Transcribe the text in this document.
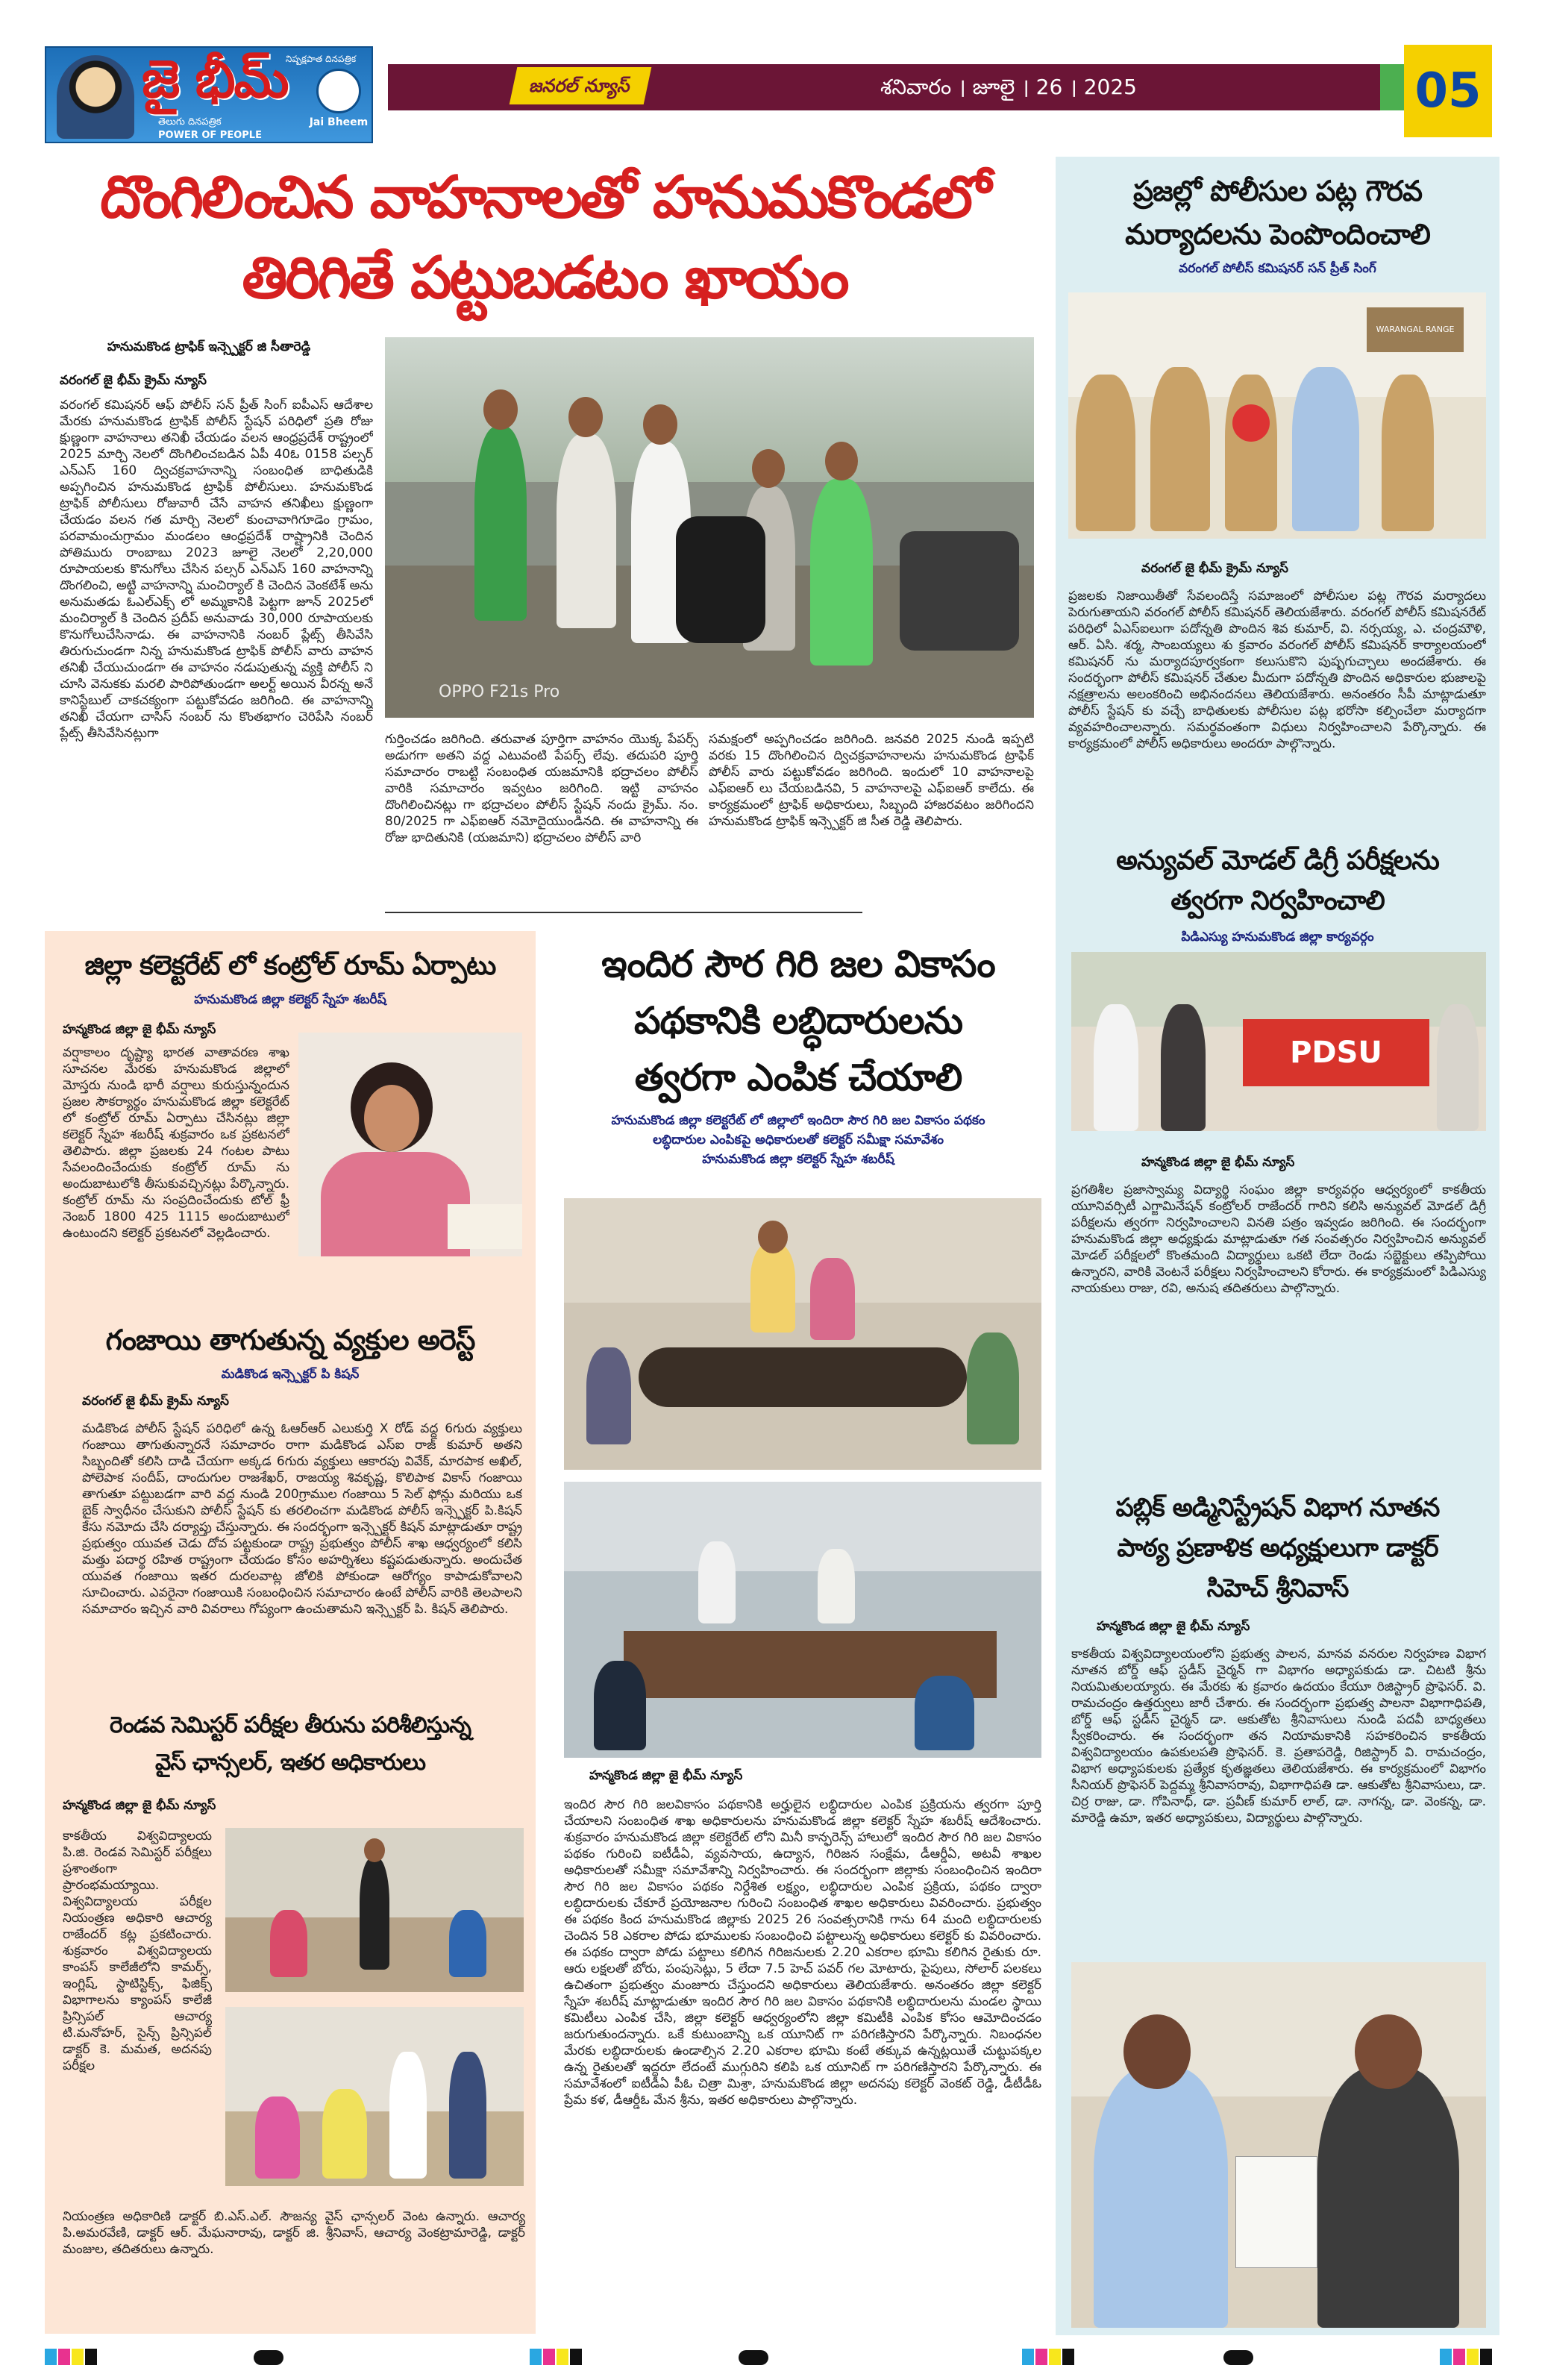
జై భీమ్
నిష్పక్షపాత దినపత్రిక
Jai Bheem
తెలుగు దినపత్రిక
POWER OF PEOPLE
జనరల్ న్యూస్	శనివారం । జూలై । 26 । 2025	05
దొంగిలించిన వాహనాలతో హనుమకొండలో
తిరిగితే పట్టుబడటం ఖాయం
హనుమకొండ ట్రాఫిక్ ఇన్స్పెక్టర్ జి సీతారెడ్డి
వరంగల్ జై భీమ్ క్రైమ్ న్యూస్
వరంగల్ కమిషనర్ ఆఫ్ పోలీస్ సన్ ప్రీత్ సింగ్ ఐపీఎస్ ఆదేశాల మేరకు హనుమకొండ ట్రాఫిక్ పోలీస్ స్టేషన్ పరిధిలో ప్రతి రోజు క్షుణ్ణంగా వాహనాలు తనిఖీ చేయడం వలన ఆంధ్రప్రదేశ్ రాష్ట్రంలో 2025 మార్చి నెలలో దొంగిలించబడిన ఏపీ 40ఓ 0158 పల్సర్ ఎన్ఎస్ 160 ద్విచక్రవాహనాన్ని సంబంధిత బాధితుడికి అప్పగించిన హనుమకొండ ట్రాఫిక్ పోలీసులు. హనుమకొండ ట్రాఫిక్ పోలీసులు రోజువారీ చేసే వాహన తనిఖీలు క్షుణ్ణంగా చేయడం వలన గత మార్చి నెలలో కుంచావాగిగూడెం గ్రామం, పరవామంచుగ్రామం మండలం ఆంధ్రప్రదేశ్ రాష్ట్రానికి చెందిన పోతిమురు రాంబాబు 2023 జూలై నెలలో 2,20,000 రూపాయలకు కొనుగోలు చేసిన పల్సర్ ఎన్ఎస్ 160 వాహనాన్ని దొంగలించి, అట్టి వాహనాన్ని మంచిర్యాల్ కి చెందిన వెంకటేశ్ అను అనుమతడు ఓఎల్ఎక్స్ లో అమ్మకానికి పెట్టగా జూన్ 2025లో మంచిర్యాల్ కి చెందిన ప్రదీప్ అనువాడు 30,000 రూపాయలకు కొనుగోలుచేసినాడు. ఈ వాహనానికి నంబర్ ప్లేట్స్ తీసివేసి తిరుగుచుండగా నిన్న హనుమకొండ ట్రాఫిక్ పోలీస్ వారు వాహన తనిఖీ చేయుచుండగా ఈ వాహనం నడుపుతున్న వ్యక్తి పోలీస్ ని చూసి వెనుకకు మరలి పారిపోతుండగా అలర్ట్ అయిన వీరన్న అనే కానిస్టేబుల్ చాకచక్యంగా పట్టుకోవడం జరిగింది. ఈ వాహనాన్ని తనిఖీ చేయగా చాసిస్ నంబర్ ను కొంతభాగం చెరిపేసి నంబర్ ప్లేట్స్ తీసివేసినట్లుగా
OPPO F21s Pro
గుర్తించడం జరిగింది. తరువాత పూర్తిగా వాహనం యొక్క పేపర్స్ అడుగగా అతని వద్ద ఎటువంటి పేపర్స్ లేవు. తదుపరి పూర్తి సమాచారం రాబట్టి సంబంధిత యజమానికి భద్రాచలం పోలీస్ వారికి సమాచారం ఇవ్వటం జరిగింది. ఇట్టి వాహనం దొంగిలించినట్లు గా భద్రాచలం పోలీస్ స్టేషన్ నందు క్రైమ్. నం. 80/2025 గా ఎఫ్ఐఆర్ నమోదైయుండినది. ఈ వాహనాన్ని ఈ రోజు భాదితునికి (యజమాని) భద్రాచలం పోలీస్ వారి
సమక్షంలో అప్పగించడం జరిగింది. జనవరి 2025 నుండి ఇప్పటి వరకు 15 దొంగిలించిన ద్విచక్రవాహనాలను హనుమకొండ ట్రాఫిక్ పోలీస్ వారు పట్టుకోవడం జరిగింది. ఇందులో 10 వాహనాలపై ఎఫ్ఐఆర్ లు చేయబడినవి, 5 వాహనాలపై ఎఫ్ఐఆర్ కాలేదు. ఈ కార్యక్రమంలో ట్రాఫిక్ అధికారులు, సిబ్బంది హాజరవటం జరిగిందని హనుమకొండ ట్రాఫిక్ ఇన్స్పెక్టర్ జి సీత రెడ్డి తెలిపారు.
జిల్లా కలెక్టరేట్ లో కంట్రోల్ రూమ్ ఏర్పాటు
హనుమకొండ జిల్లా కలెక్టర్ స్నేహ శబరీష్
హన్మకొండ జిల్లా జై భీమ్ న్యూస్
వర్షాకాలం దృష్ట్యా భారత వాతావరణ శాఖ సూచనల మేరకు హనుమకొండ జిల్లాలో మోస్తరు నుండి భారీ వర్షాలు కురుస్తున్నందున ప్రజల సౌకర్యార్థం హనుమకొండ జిల్లా కలెక్టరేట్ లో కంట్రోల్ రూమ్ ఏర్పాటు చేసినట్లు జిల్లా కలెక్టర్ స్నేహ శబరీష్ శుక్రవారం ఒక ప్రకటనలో తెలిపారు. జిల్లా ప్రజలకు 24 గంటల పాటు సేవలందించేందుకు కంట్రోల్ రూమ్ ను అందుబాటులోకి తీసుకువచ్చినట్లు పేర్కొన్నారు. కంట్రోల్ రూమ్ ను సంప్రదించేందుకు టోల్ ఫ్రీ నెంబర్ 1800 425 1115 అందుబాటులో ఉంటుందని కలెక్టర్ ప్రకటనలో వెల్లడించారు.
గంజాయి తాగుతున్న వ్యక్తుల అరెస్ట్
మడికొండ ఇన్స్పెక్టర్ పి కిషన్
వరంగల్ జై భీమ్ క్రైమ్ న్యూస్
మడికొండ పోలీస్ స్టేషన్ పరిధిలో ఉన్న ఓఆర్ఆర్ ఎలుకుర్తి X రోడ్ వద్ద 6గురు వ్యక్తులు గంజాయి తాగుతున్నారనే సమాచారం రాగా మడికొండ ఎస్ఐ రాజ్ కుమార్ అతని సిబ్బందితో కలిసి దాడి చేయగా అక్కడ 6గురు వ్యక్తులు ఆకారపు వివేక్, మారపాక అఖిల్, పోలెపాక సందీప్, దాందుగుల రాజశేఖర్, రాజయ్య శివకృష్ణ, కొలిపాక వికాస్ గంజాయి తాగుతూ పట్టుబడగా వారి వద్ద నుండి 200గ్రాముల గంజాయి 5 సెల్ ఫోన్లు మరియు ఒక బైక్ స్వాధీనం చేసుకుని పోలీస్ స్టేషన్ కు తరలించగా మడికొండ పోలీస్ ఇన్స్పెక్టర్ పి.కిషన్ కేసు నమోదు చేసి దర్యాప్తు చేస్తున్నారు. ఈ సందర్భంగా ఇన్స్పెక్టర్ కిషన్ మాట్లాడుతూ రాష్ట్ర ప్రభుత్వం యువత చెడు దోవ పట్టకుండా రాష్ట్ర ప్రభుత్వం పోలీస్ శాఖ ఆధ్వర్యంలో కలిసి మత్తు పదార్థ రహిత రాష్ట్రంగా చేయడం కోసం అహర్నిశలు కష్టపడుతున్నారు. అందుచేత యువత గంజాయి ఇతర దురలవాట్ల జోలికి పోకుండా ఆరోగ్యం కాపాడుకోవాలని సూచించారు. ఎవరైనా గంజాయికి సంబంధించిన సమాచారం ఉంటే పోలీస్ వారికి తెలపాలని సమాచారం ఇచ్చిన వారి వివరాలు గోప్యంగా ఉంచుతామని ఇన్స్పెక్టర్ పి. కిషన్ తెలిపారు.
రెండవ సెమిస్టర్ పరీక్షల తీరును పరిశీలిస్తున్న
వైస్ ఛాన్సలర్, ఇతర అధికారులు
హన్మకొండ జిల్లా జై భీమ్ న్యూస్
కాకతీయ విశ్వవిద్యాలయ పి.జి. రెండవ సెమిస్టర్ పరీక్షలు ప్రశాంతంగా ప్రారంభమయ్యాయి. విశ్వవిద్యాలయ పరీక్షల నియంత్రణ అధికారి ఆచార్య రాజేందర్ కట్ల ప్రకటించారు. శుక్రవారం విశ్వవిద్యాలయ కాంపస్ కాలేజీలోని కామర్స్, ఇంగ్లిష్, స్టాటిస్టిక్స్, ఫిజిక్స్ విభాగాలను క్యాంపస్ కాలేజీ ప్రిన్సిపల్ ఆచార్య టి.మనోహర్, సైన్స్ ప్రిన్సిపల్ డాక్టర్ కె. మమత, అదనపు పరీక్షల
నియంత్రణ అధికారిణి డాక్టర్ బి.ఎస్.ఎల్. సౌజన్య వైస్ ఛాన్సలర్ వెంట ఉన్నారు. ఆచార్య పి.అమరవేణి, డాక్టర్ ఆర్. మేఘనారావు, డాక్టర్ జి. శ్రీనివాస్, ఆచార్య వెంకట్రామారెడ్డి, డాక్టర్ మంజుల, తదితరులు ఉన్నారు.
ఇందిర సౌర గిరి జల వికాసం
పథకానికి లబ్ధిదారులను
త్వరగా ఎంపిక చేయాలి
హనుమకొండ జిల్లా కలెక్టరేట్ లో జిల్లాలో ఇందిరా సౌర గిరి జల వికాసం పథకం
లబ్ధిదారుల ఎంపికపై అధికారులతో కలెక్టర్ సమీక్షా సమావేశం
హనుమకొండ జిల్లా కలెక్టర్ స్నేహ శబరీష్
హన్మకొండ జిల్లా జై భీమ్ న్యూస్
ఇందిర సౌర గిరి జలవికాసం పథకానికి అర్హులైన లబ్ధిదారుల ఎంపిక ప్రక్రియను త్వరగా పూర్తి చేయాలని సంబంధిత శాఖ అధికారులను హనుమకొండ జిల్లా కలెక్టర్ స్నేహ శబరీష్ ఆదేశించారు. శుక్రవారం హనుమకొండ జిల్లా కలెక్టరేట్ లోని మినీ కాన్ఫరెన్స్ హాలులో ఇందిర సౌర గిరి జల వికాసం పథకం గురించి ఐటీడీఏ, వ్యవసాయ, ఉద్యాన, గిరిజన సంక్షేమ, డీఆర్డీఏ, అటవీ శాఖల అధికారులతో సమీక్షా సమావేశాన్ని నిర్వహించారు. ఈ సందర్భంగా జిల్లాకు సంబంధించిన ఇందిరా సౌర గిరి జల వికాసం పథకం నిర్దేశిత లక్ష్యం, లబ్ధిదారుల ఎంపిక ప్రక్రియ, పథకం ద్వారా లబ్ధిదారులకు చేకూరే ప్రయోజనాల గురించి సంబంధిత శాఖల అధికారులు వివరించారు. ప్రభుత్వం ఈ పథకం కింద హనుమకొండ జిల్లాకు 2025 26 సంవత్సరానికి గాను 64 మంది లబ్ధిదారులకు చెందిన 58 ఎకరాల పోడు భూములకు సంబంధించి పట్టాలున్న అధికారులు కలెక్టర్ కు వివరించారు. ఈ పథకం ద్వారా పోడు పట్టాలు కలిగిన గిరిజనులకు 2.20 ఎకరాల భూమి కలిగిన రైతుకు రూ. ఆరు లక్షలతో బోరు, పంపుసెట్లు, 5 లేదా 7.5 హెచ్ పవర్ గల మోటారు, పైపులు, సోలార్ పలకలు ఉచితంగా ప్రభుత్వం మంజూరు చేస్తుందని అధికారులు తెలియజేశారు. అనంతరం జిల్లా కలెక్టర్ స్నేహ శబరీష్ మాట్లాడుతూ ఇందిర సౌర గిరి జల వికాసం పథకానికి లబ్ధిదారులను మండల స్థాయి కమిటీలు ఎంపిక చేసి, జిల్లా కలెక్టర్ ఆధ్వర్యంలోని జిల్లా కమిటీకి ఎంపిక కోసం ఆమోదించడం జరుగుతుందన్నారు. ఒకే కుటుంబాన్ని ఒక యూనిట్ గా పరిగణిస్తారని పేర్కొన్నారు. నిబంధనల మేరకు లబ్ధిదారులకు ఉండాల్సిన 2.20 ఎకరాల భూమి కంటే తక్కువ ఉన్నట్లయితే చుట్టుపక్కల ఉన్న రైతులతో ఇద్దరూ లేదంటే ముగ్గురిని కలిపి ఒక యూనిట్ గా పరిగణిస్తారని పేర్కొన్నారు. ఈ సమావేశంలో ఐటీడీఏ పీఓ చిత్రా మిశ్రా, హనుమకొండ జిల్లా అదనపు కలెక్టర్ వెంకట్ రెడ్డి, డీటీడీఓ ప్రేమ కళ, డీఆర్డీఓ మేన శ్రీను, ఇతర అధికారులు పాల్గొన్నారు.
ప్రజల్లో పోలీసుల పట్ల గౌరవ
మర్యాదలను పెంపొందించాలి
వరంగల్ పోలీస్ కమిషనర్ సన్ ప్రీత్ సింగ్
WARANGAL RANGE
వరంగల్ జై భీమ్ క్రైమ్ న్యూస్
ప్రజలకు నిజాయితీతో సేవలందిస్తే సమాజంలో పోలీసుల పట్ల గౌరవ మర్యాదలు పెరుగుతాయని వరంగల్ పోలీస్ కమిషనర్ తెలియజేశారు. వరంగల్ పోలీస్ కమిషనరేట్ పరిధిలో ఏఎస్ఐలుగా పదోన్నతి పొందిన శివ కుమార్, వి. నర్సయ్య, ఎ. చంద్రమౌళి, ఆర్. ఏసి. శర్మ, సాంబయ్యలు శు క్రవారం వరంగల్ పోలీస్ కమిషనర్ కార్యాలయంలో కమిషనర్ ను మర్యాదపూర్వకంగా కలుసుకొని పుష్పగుచ్చాలు అందజేశారు. ఈ సందర్భంగా పోలీస్ కమిషనర్ చేతుల మీదుగా పదోన్నతి పొందిన అధికారుల భుజాలపై నక్షత్రాలను అలంకరించి అభినందనలు తెలియజేశారు. అనంతరం సీపీ మాట్లాడుతూ పోలీస్ స్టేషన్ కు వచ్చే బాధితులకు పోలీసుల పట్ల భరోసా కల్పించేలా మర్యాదగా వ్యవహరించాలన్నారు. సమర్థవంతంగా విధులు నిర్వహించాలని పేర్కొన్నారు. ఈ కార్యక్రమంలో పోలీస్ అధికారులు అందరూ పాల్గొన్నారు.
అన్యువల్ మోడల్ డిగ్రీ పరీక్షలను
త్వరగా నిర్వహించాలి
పిడిఎస్యు హనుమకొండ జిల్లా కార్యవర్గం
PDSU
హన్మకొండ జిల్లా జై భీమ్ న్యూస్
ప్రగతిశీల ప్రజాస్వామ్య విద్యార్థి సంఘం జిల్లా కార్యవర్గం ఆధ్వర్యంలో కాకతీయ యూనివర్సిటీ ఎగ్జామినేషన్ కంట్రోలర్ రాజేందర్ గారిని కలిసి అన్యువల్ మోడల్ డిగ్రీ పరీక్షలను త్వరగా నిర్వహించాలని వినతి పత్రం ఇవ్వడం జరిగింది. ఈ సందర్భంగా హనుమకొండ జిల్లా అధ్యక్షుడు మాట్లాడుతూ గత సంవత్సరం నిర్వహించిన అన్యువల్ మోడల్ పరీక్షలలో కొంతమంది విద్యార్థులు ఒకటి లేదా రెండు సబ్జెక్టులు తప్పిపోయి ఉన్నారని, వారికి వెంటనే పరీక్షలు నిర్వహించాలని కోరారు. ఈ కార్యక్రమంలో పిడిఎస్యు నాయకులు రాజు, రవి, అనుష తదితరులు పాల్గొన్నారు.
పబ్లిక్ అడ్మినిస్ట్రేషన్ విభాగ నూతన
పాఠ్య ప్రణాళిక అధ్యక్షులుగా డాక్టర్
సిహెచ్ శ్రీనివాస్
హన్మకొండ జిల్లా జై భీమ్ న్యూస్
కాకతీయ విశ్వవిద్యాలయంలోని ప్రభుత్వ పాలన, మానవ వనరుల నిర్వహణ విభాగ నూతన బోర్డ్ ఆఫ్ స్టడీస్ చైర్మన్ గా విభాగం అధ్యాపకుడు డా. చిటటి శ్రీను నియమితులయ్యారు. ఈ మేరకు శు క్రవారం ఉదయం కేయూ రిజిస్ట్రార్ ప్రొఫెసర్. వి. రామచంద్రం ఉత్తర్వులు జారీ చేశారు. ఈ సందర్భంగా ప్రభుత్వ పాలనా విభాగాధిపతి, బోర్డ్ ఆఫ్ స్టడీస్ చైర్మన్ డా. ఆకుతోట శ్రీనివాసులు నుండి పదవీ బాధ్యతలు స్వీకరించారు. ఈ సందర్భంగా తన నియామకానికి సహకరించిన కాకతీయ విశ్వవిద్యాలయం ఉపకులపతి ప్రొఫెసర్. కె. ప్రతాపరెడ్డి, రిజిస్ట్రార్ వి. రామచంద్రం, విభాగ అధ్యాపకులకు ప్రత్యేక కృతజ్ఞతలు తెలియజేశారు. ఈ కార్యక్రమంలో విభాగం సీనియర్ ప్రొఫెసర్ పెద్దమ్మ శ్రీనివాసరావు, విభాగాధిపతి డా. ఆకుతోట శ్రీనివాసులు, డా. చిర్ర రాజు, డా. గోపినాధ్, డా. ప్రవీణ్ కుమార్ లాల్, డా. నాగన్న, డా. వెంకన్న, డా. మారెడ్డి ఉమా, ఇతర అధ్యాపకులు, విద్యార్థులు పాల్గొన్నారు.
